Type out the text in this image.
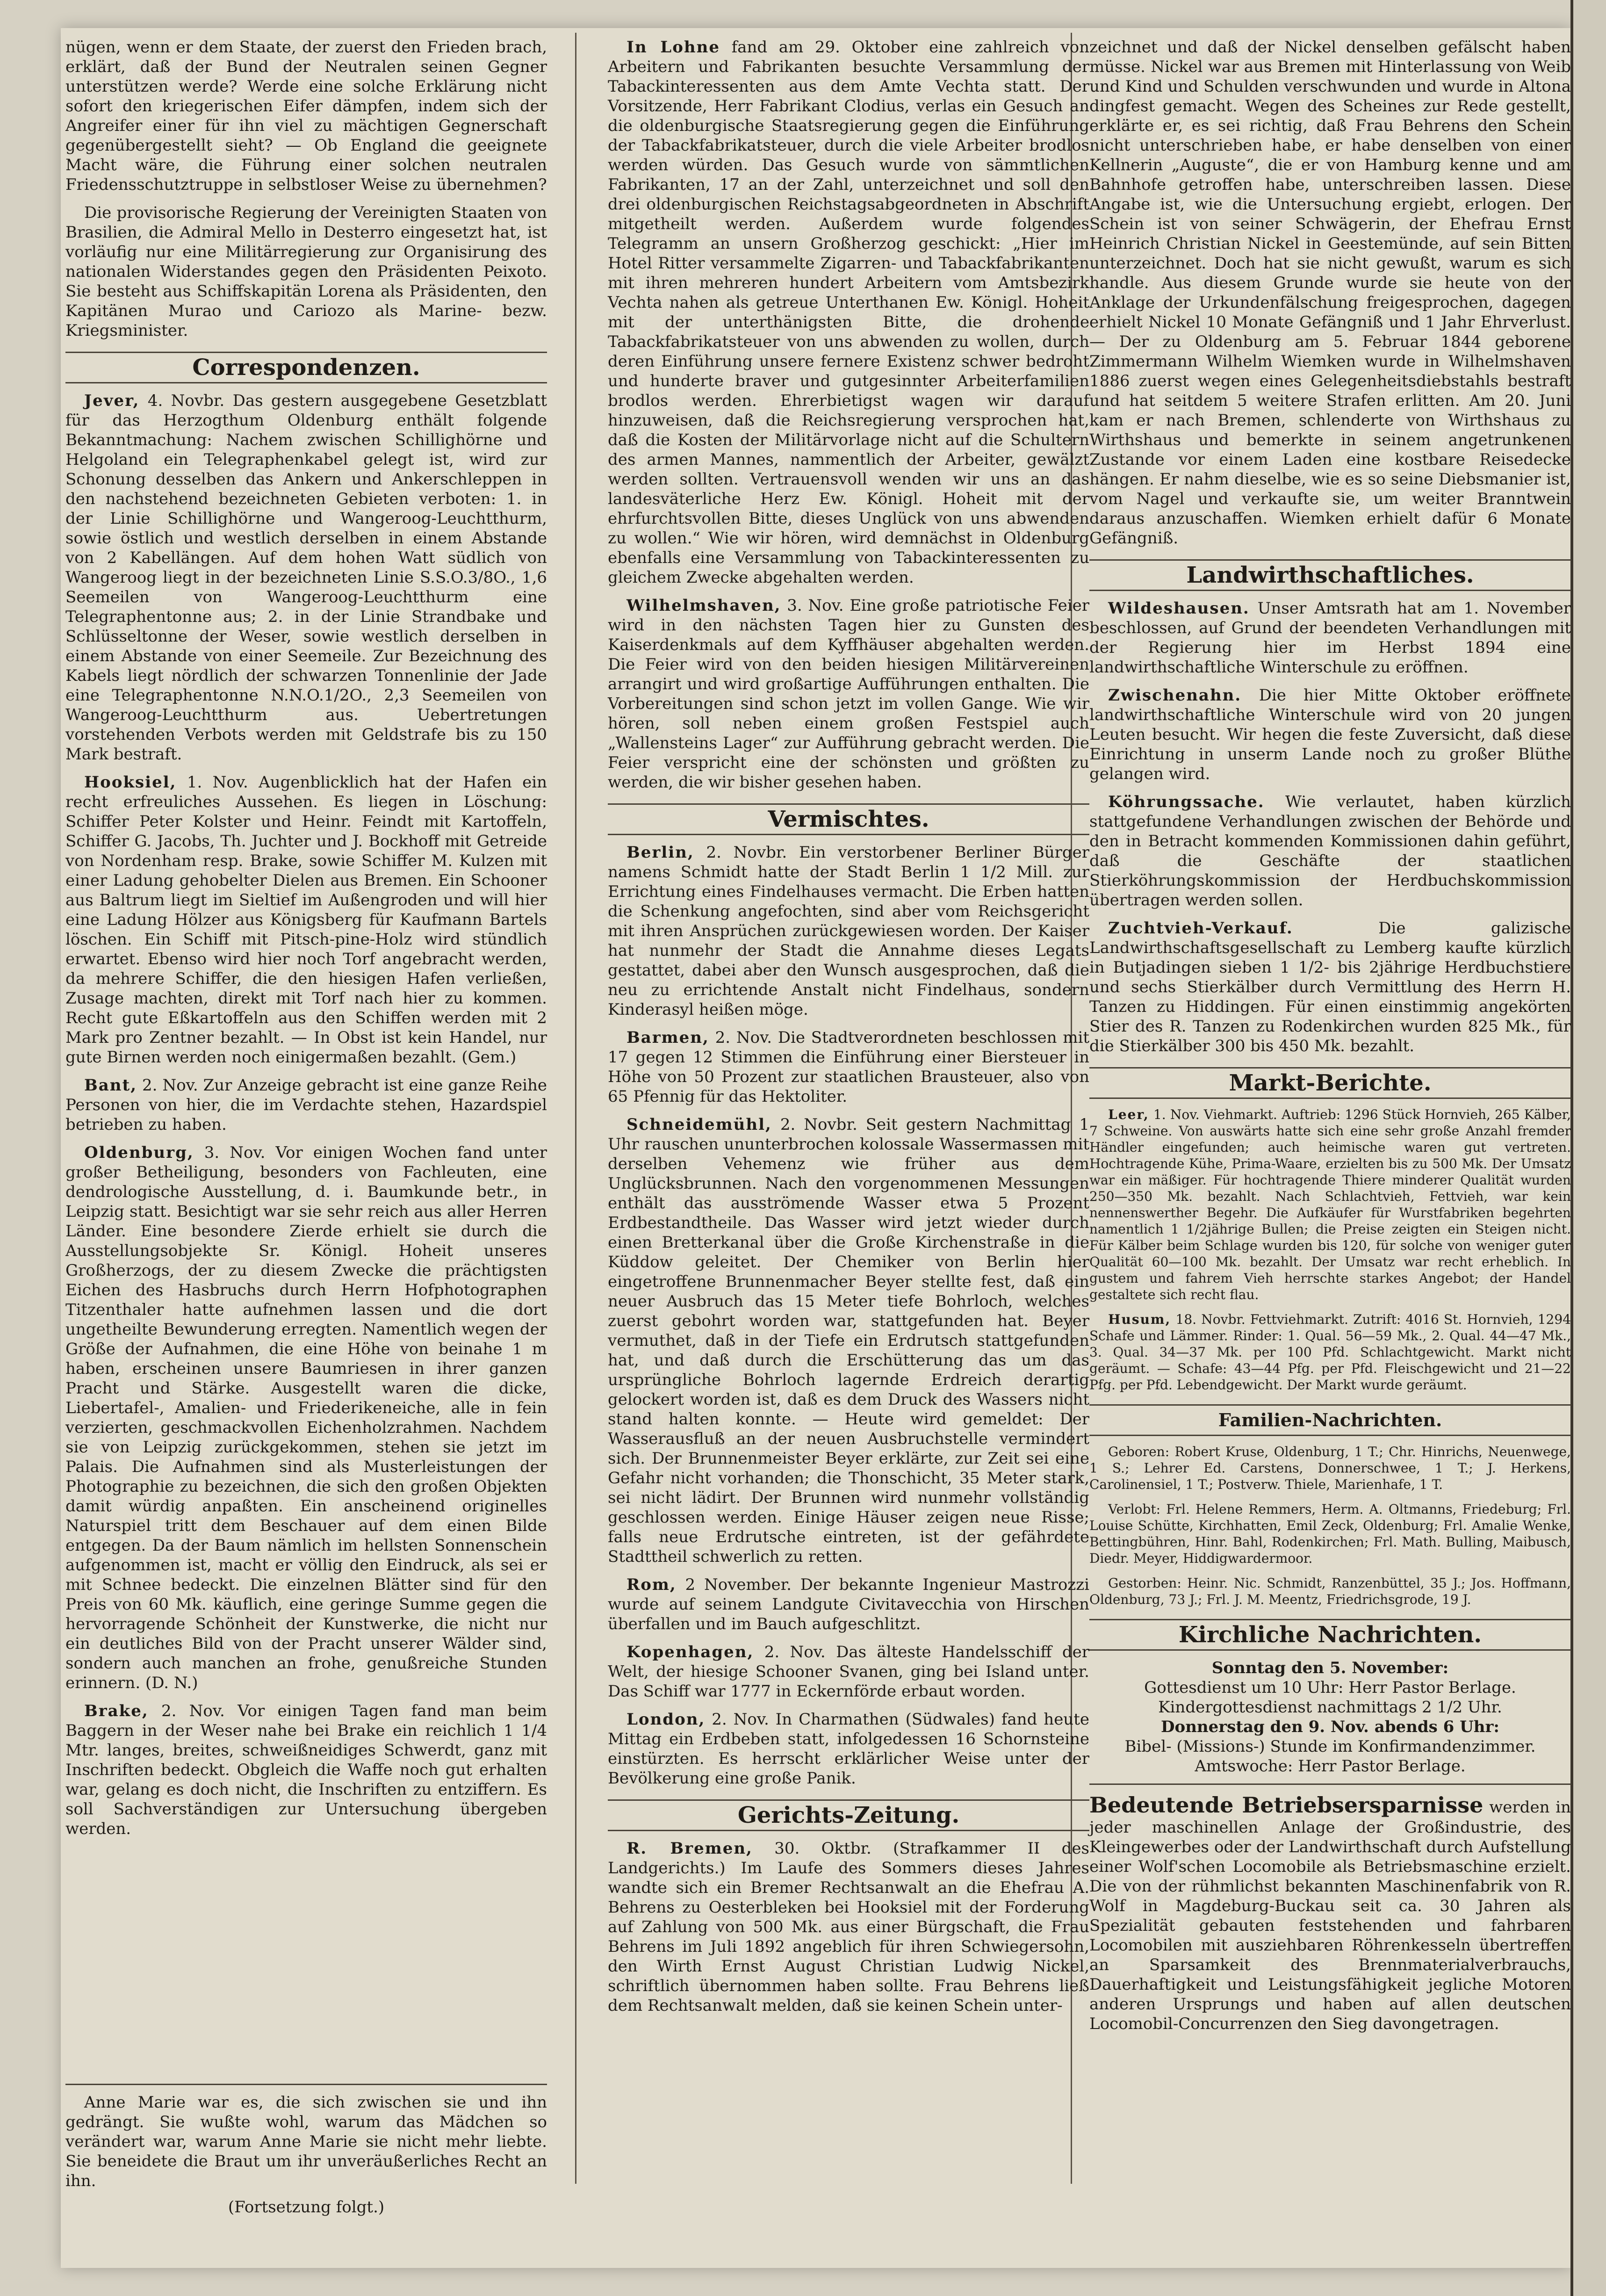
nügen, wenn er dem Staate, der zuerst den Frieden brach, erklärt, daß der Bund der Neutralen seinen Gegner unterstützen werde? Werde eine solche Erklärung nicht sofort den kriegerischen Eifer dämpfen, indem sich der Angreifer einer für ihn viel zu mächtigen Gegnerschaft gegenübergestellt sieht? — Ob England die geeignete Macht wäre, die Führung einer solchen neutralen Friedensschutztruppe in selbstloser Weise zu übernehmen?

Die provisorische Regierung der Vereinigten Staaten von Brasilien, die Admiral Mello in Desterro eingesetzt hat, ist vorläufig nur eine Militärregierung zur Organisirung des nationalen Widerstandes gegen den Präsidenten Peixoto. Sie besteht aus Schiffskapitän Lorena als Präsidenten, den Kapitänen Murao und Cariozo als Marine- bezw. Kriegsminister.

Correspondenzen.

Jever, 4. Novbr. Das gestern ausgegebene Gesetzblatt für das Herzogthum Oldenburg enthält folgende Bekanntmachung: Nachem zwischen Schillighörne und Helgoland ein Telegraphenkabel gelegt ist, wird zur Schonung desselben das Ankern und Ankerschleppen in den nachstehend bezeichneten Gebieten verboten: 1. in der Linie Schillighörne und Wangeroog-Leuchtthurm, sowie östlich und westlich derselben in einem Abstande von 2 Kabellängen. Auf dem hohen Watt südlich von Wangeroog liegt in der bezeichneten Linie S.S.O.3/8O., 1,6 Seemeilen von Wangeroog-Leuchtthurm eine Telegraphentonne aus; 2. in der Linie Strandbake und Schlüsseltonne der Weser, sowie westlich derselben in einem Abstande von einer Seemeile. Zur Bezeichnung des Kabels liegt nördlich der schwarzen Tonnenlinie der Jade eine Telegraphentonne N.N.O.1/2O., 2,3 Seemeilen von Wangeroog-Leuchtthurm aus. Uebertretungen vorstehenden Verbots werden mit Geldstrafe bis zu 150 Mark bestraft.

Hooksiel, 1. Nov. Augenblicklich hat der Hafen ein recht erfreuliches Aussehen. Es liegen in Löschung: Schiffer Peter Kolster und Heinr. Feindt mit Kartoffeln, Schiffer G. Jacobs, Th. Juchter und J. Bockhoff mit Getreide von Nordenham resp. Brake, sowie Schiffer M. Kulzen mit einer Ladung gehobelter Dielen aus Bremen. Ein Schooner aus Baltrum liegt im Sieltief im Außengroden und will hier eine Ladung Hölzer aus Königsberg für Kaufmann Bartels löschen. Ein Schiff mit Pitsch-pine-Holz wird stündlich erwartet. Ebenso wird hier noch Torf angebracht werden, da mehrere Schiffer, die den hiesigen Hafen verließen, Zusage machten, direkt mit Torf nach hier zu kommen. Recht gute Eßkartoffeln aus den Schiffen werden mit 2 Mark pro Zentner bezahlt. — In Obst ist kein Handel, nur gute Birnen werden noch einigermaßen bezahlt. (Gem.)

Bant, 2. Nov. Zur Anzeige gebracht ist eine ganze Reihe Personen von hier, die im Verdachte stehen, Hazardspiel betrieben zu haben.

Oldenburg, 3. Nov. Vor einigen Wochen fand unter großer Betheiligung, besonders von Fachleuten, eine dendrologische Ausstellung, d. i. Baumkunde betr., in Leipzig statt. Besichtigt war sie sehr reich aus aller Herren Länder. Eine besondere Zierde erhielt sie durch die Ausstellungsobjekte Sr. Königl. Hoheit unseres Großherzogs, der zu diesem Zwecke die prächtigsten Eichen des Hasbruchs durch Herrn Hofphotographen Titzenthaler hatte aufnehmen lassen und die dort ungetheilte Bewunderung erregten. Namentlich wegen der Größe der Aufnahmen, die eine Höhe von beinahe 1 m haben, erscheinen unsere Baumriesen in ihrer ganzen Pracht und Stärke. Ausgestellt waren die dicke, Liebertafel-, Amalien- und Friederikeneiche, alle in fein verzierten, geschmackvollen Eichenholzrahmen. Nachdem sie von Leipzig zurückgekommen, stehen sie jetzt im Palais. Die Aufnahmen sind als Musterleistungen der Photographie zu bezeichnen, die sich den großen Objekten damit würdig anpaßten. Ein anscheinend originelles Naturspiel tritt dem Beschauer auf dem einen Bilde entgegen. Da der Baum nämlich im hellsten Sonnenschein aufgenommen ist, macht er völlig den Eindruck, als sei er mit Schnee bedeckt. Die einzelnen Blätter sind für den Preis von 60 Mk. käuflich, eine geringe Summe gegen die hervorragende Schönheit der Kunstwerke, die nicht nur ein deutliches Bild von der Pracht unserer Wälder sind, sondern auch manchen an frohe, genußreiche Stunden erinnern. (D. N.)

Brake, 2. Nov. Vor einigen Tagen fand man beim Baggern in der Weser nahe bei Brake ein reichlich 1 1/4 Mtr. langes, breites, schweißneidiges Schwerdt, ganz mit Inschriften bedeckt. Obgleich die Waffe noch gut erhalten war, gelang es doch nicht, die Inschriften zu entziffern. Es soll Sachverständigen zur Untersuchung übergeben werden.

Anne Marie war es, die sich zwischen sie und ihn gedrängt. Sie wußte wohl, warum das Mädchen so verändert war, warum Anne Marie sie nicht mehr liebte. Sie beneidete die Braut um ihr unveräußerliches Recht an ihn.

(Fortsetzung folgt.)

In Lohne fand am 29. Oktober eine zahlreich von Arbeitern und Fabrikanten besuchte Versammlung der Tabackinteressenten aus dem Amte Vechta statt. Der Vorsitzende, Herr Fabrikant Clodius, verlas ein Gesuch an die oldenburgische Staatsregierung gegen die Einführung der Tabackfabrikatsteuer, durch die viele Arbeiter brodlos werden würden. Das Gesuch wurde von sämmtlichen Fabrikanten, 17 an der Zahl, unterzeichnet und soll den drei oldenburgischen Reichstagsabgeordneten in Abschrift mitgetheilt werden. Außerdem wurde folgendes Telegramm an unsern Großherzog geschickt: „Hier im Hotel Ritter versammelte Zigarren- und Tabackfabrikanten mit ihren mehreren hundert Arbeitern vom Amtsbezirk Vechta nahen als getreue Unterthanen Ew. Königl. Hoheit mit der unterthänigsten Bitte, die drohende Tabackfabrikatsteuer von uns abwenden zu wollen, durch deren Einführung unsere fernere Existenz schwer bedroht und hunderte braver und gutgesinnter Arbeiterfamilien brodlos werden. Ehrerbietigst wagen wir darauf hinzuweisen, daß die Reichsregierung versprochen hat, daß die Kosten der Militärvorlage nicht auf die Schultern des armen Mannes, nammentlich der Arbeiter, gewälzt werden sollten. Vertrauensvoll wenden wir uns an das landesväterliche Herz Ew. Königl. Hoheit mit der ehrfurchtsvollen Bitte, dieses Unglück von uns abwenden zu wollen.“ Wie wir hören, wird demnächst in Oldenburg ebenfalls eine Versammlung von Tabackinteressenten zu gleichem Zwecke abgehalten werden.

Wilhelmshaven, 3. Nov. Eine große patriotische Feier wird in den nächsten Tagen hier zu Gunsten des Kaiserdenkmals auf dem Kyffhäuser abgehalten werden. Die Feier wird von den beiden hiesigen Militärvereinen arrangirt und wird großartige Aufführungen enthalten. Die Vorbereitungen sind schon jetzt im vollen Gange. Wie wir hören, soll neben einem großen Festspiel auch „Wallensteins Lager“ zur Aufführung gebracht werden. Die Feier verspricht eine der schönsten und größten zu werden, die wir bisher gesehen haben.

Vermischtes.

Berlin, 2. Novbr. Ein verstorbener Berliner Bürger namens Schmidt hatte der Stadt Berlin 1 1/2 Mill. zur Errichtung eines Findelhauses vermacht. Die Erben hatten die Schenkung angefochten, sind aber vom Reichsgericht mit ihren Ansprüchen zurückgewiesen worden. Der Kaiser hat nunmehr der Stadt die Annahme dieses Legats gestattet, dabei aber den Wunsch ausgesprochen, daß die neu zu errichtende Anstalt nicht Findelhaus, sondern Kinderasyl heißen möge.

Barmen, 2. Nov. Die Stadtverordneten beschlossen mit 17 gegen 12 Stimmen die Einführung einer Biersteuer in Höhe von 50 Prozent zur staatlichen Brausteuer, also von 65 Pfennig für das Hektoliter.

Schneidemühl, 2. Novbr. Seit gestern Nachmittag 1 Uhr rauschen ununterbrochen kolossale Wassermassen mit derselben Vehemenz wie früher aus dem Unglücksbrunnen. Nach den vorgenommenen Messungen enthält das ausströmende Wasser etwa 5 Prozent Erdbestandtheile. Das Wasser wird jetzt wieder durch einen Bretterkanal über die Große Kirchenstraße in die Küddow geleitet. Der Chemiker von Berlin hier eingetroffene Brunnenmacher Beyer stellte fest, daß ein neuer Ausbruch das 15 Meter tiefe Bohrloch, welches zuerst gebohrt worden war, stattgefunden hat. Beyer vermuthet, daß in der Tiefe ein Erdrutsch stattgefunden hat, und daß durch die Erschütterung das um das ursprüngliche Bohrloch lagernde Erdreich derartig gelockert worden ist, daß es dem Druck des Wassers nicht stand halten konnte. — Heute wird gemeldet: Der Wasserausfluß an der neuen Ausbruchstelle vermindert sich. Der Brunnenmeister Beyer erklärte, zur Zeit sei eine Gefahr nicht vorhanden; die Thonschicht, 35 Meter stark, sei nicht lädirt. Der Brunnen wird nunmehr vollständig geschlossen werden. Einige Häuser zeigen neue Risse; falls neue Erdrutsche eintreten, ist der gefährdete Stadttheil schwerlich zu retten.

Rom, 2 November. Der bekannte Ingenieur Mastrozzi wurde auf seinem Landgute Civitavecchia von Hirschen überfallen und im Bauch aufgeschlitzt.

Kopenhagen, 2. Nov. Das älteste Handelsschiff der Welt, der hiesige Schooner Svanen, ging bei Island unter. Das Schiff war 1777 in Eckernförde erbaut worden.

London, 2. Nov. In Charmathen (Südwales) fand heute Mittag ein Erdbeben statt, infolgedessen 16 Schornsteine einstürzten. Es herrscht erklärlicher Weise unter der Bevölkerung eine große Panik.

Gerichts-Zeitung.

R. Bremen, 30. Oktbr. (Strafkammer II des Landgerichts.) Im Laufe des Sommers dieses Jahres wandte sich ein Bremer Rechtsanwalt an die Ehefrau A. Behrens zu Oesterbleken bei Hooksiel mit der Forderung auf Zahlung von 500 Mk. aus einer Bürgschaft, die Frau Behrens im Juli 1892 angeblich für ihren Schwiegersohn, den Wirth Ernst August Christian Ludwig Nickel, schriftlich übernommen haben sollte. Frau Behrens ließ dem Rechtsanwalt melden, daß sie keinen Schein unter-

zeichnet und daß der Nickel denselben gefälscht haben müsse. Nickel war aus Bremen mit Hinterlassung von Weib und Kind und Schulden verschwunden und wurde in Altona dingfest gemacht. Wegen des Scheines zur Rede gestellt, erklärte er, es sei richtig, daß Frau Behrens den Schein nicht unterschrieben habe, er habe denselben von einer Kellnerin „Auguste“, die er von Hamburg kenne und am Bahnhofe getroffen habe, unterschreiben lassen. Diese Angabe ist, wie die Untersuchung ergiebt, erlogen. Der Schein ist von seiner Schwägerin, der Ehefrau Ernst Heinrich Christian Nickel in Geestemünde, auf sein Bitten unterzeichnet. Doch hat sie nicht gewußt, warum es sich handle. Aus diesem Grunde wurde sie heute von der Anklage der Urkundenfälschung freigesprochen, dagegen erhielt Nickel 10 Monate Gefängniß und 1 Jahr Ehrverlust. — Der zu Oldenburg am 5. Februar 1844 geborene Zimmermann Wilhelm Wiemken wurde in Wilhelmshaven 1886 zuerst wegen eines Gelegenheitsdiebstahls bestraft und hat seitdem 5 weitere Strafen erlitten. Am 20. Juni kam er nach Bremen, schlenderte von Wirthshaus zu Wirthshaus und bemerkte in seinem angetrunkenen Zustande vor einem Laden eine kostbare Reisedecke hängen. Er nahm dieselbe, wie es so seine Diebsmanier ist, vom Nagel und verkaufte sie, um weiter Branntwein daraus anzuschaffen. Wiemken erhielt dafür 6 Monate Gefängniß.

Landwirthschaftliches.

Wildeshausen. Unser Amtsrath hat am 1. November beschlossen, auf Grund der beendeten Verhandlungen mit der Regierung hier im Herbst 1894 eine landwirthschaftliche Winterschule zu eröffnen.

Zwischenahn. Die hier Mitte Oktober eröffnete landwirthschaftliche Winterschule wird von 20 jungen Leuten besucht. Wir hegen die feste Zuversicht, daß diese Einrichtung in unserm Lande noch zu großer Blüthe gelangen wird.

Köhrungssache. Wie verlautet, haben kürzlich stattgefundene Verhandlungen zwischen der Behörde und den in Betracht kommenden Kommissionen dahin geführt, daß die Geschäfte der staatlichen Stierköhrungskommission der Herdbuchskommission übertragen werden sollen.

Zuchtvieh-Verkauf.	Die galizische Landwirthschaftsgesellschaft zu Lemberg kaufte kürzlich in Butjadingen sieben 1 1/2- bis 2jährige Herdbuchstiere und sechs Stierkälber durch Vermittlung des Herrn H. Tanzen zu Hiddingen. Für einen einstimmig angekörten Stier des R. Tanzen zu Rodenkirchen wurden 825 Mk., für die Stierkälber 300 bis 450 Mk. bezahlt.

Markt-Berichte.

Leer, 1. Nov. Viehmarkt. Auftrieb: 1296 Stück Hornvieh, 265 Kälber, 7 Schweine. Von auswärts hatte sich eine sehr große Anzahl fremder Händler eingefunden; auch heimische waren gut vertreten. Hochtragende Kühe, Prima-Waare, erzielten bis zu 500 Mk. Der Umsatz war ein mäßiger. Für hochtragende Thiere minderer Qualität wurden 250—350 Mk. bezahlt. Nach Schlachtvieh, Fettvieh, war kein nennenswerther Begehr. Die Aufkäufer für Wurstfabriken begehrten namentlich 1 1/2jährige Bullen; die Preise zeigten ein Steigen nicht. Für Kälber beim Schlage wurden bis 120, für solche von weniger guter Qualität 60—100 Mk. bezahlt. Der Umsatz war recht erheblich. In gustem und fahrem Vieh herrschte starkes Angebot; der Handel gestaltete sich recht flau.

Husum, 18. Novbr. Fettviehmarkt. Zutrift: 4016 St. Hornvieh, 1294 Schafe und Lämmer. Rinder: 1. Qual. 56—59 Mk., 2. Qual. 44—47 Mk., 3. Qual. 34—37 Mk. per 100 Pfd. Schlachtgewicht. Markt nicht geräumt. — Schafe: 43—44 Pfg. per Pfd. Fleischgewicht und 21—22 Pfg. per Pfd. Lebendgewicht. Der Markt wurde geräumt.

Familien-Nachrichten.

Geboren: Robert Kruse, Oldenburg, 1 T.; Chr. Hinrichs, Neuenwege, 1 S.; Lehrer Ed. Carstens, Donnerschwee, 1 T.; J. Herkens, Carolinensiel, 1 T.; Postverw. Thiele, Marienhafe, 1 T.

Verlobt: Frl. Helene Remmers, Herm. A. Oltmanns, Friedeburg; Frl. Louise Schütte, Kirchhatten, Emil Zeck, Oldenburg; Frl. Amalie Wenke, Bettingbühren, Hinr. Bahl, Rodenkirchen; Frl. Math. Bulling, Maibusch, Diedr. Meyer, Hiddigwardermoor.

Gestorben: Heinr. Nic. Schmidt, Ranzenbüttel, 35 J.; Jos. Hoffmann, Oldenburg, 73 J.; Frl. J. M. Meentz, Friedrichsgrode, 19 J.

Kirchliche Nachrichten.

Sonntag den 5. November:

Gottesdienst um 10 Uhr: Herr Pastor Berlage.

Kindergottesdienst nachmittags 2 1/2 Uhr.

Donnerstag den 9. Nov. abends 6 Uhr:

Bibel- (Missions-) Stunde im Konfirmandenzimmer.

Amtswoche: Herr Pastor Berlage.

Bedeutende Betriebsersparnisse werden in jeder maschinellen Anlage der Großindustrie, des Kleingewerbes oder der Landwirthschaft durch Aufstellung einer Wolf'schen Locomobile als Betriebsmaschine erzielt. Die von der rühmlichst bekannten Maschinenfabrik von R. Wolf in Magdeburg-Buckau seit ca. 30 Jahren als Spezialität gebauten feststehenden und fahrbaren Locomobilen mit ausziehbaren Röhrenkesseln übertreffen an Sparsamkeit des Brennmaterialverbrauchs, Dauerhaftigkeit und Leistungsfähigkeit jegliche Motoren anderen Ursprungs und haben auf allen deutschen Locomobil-Concurrenzen den Sieg davongetragen.
